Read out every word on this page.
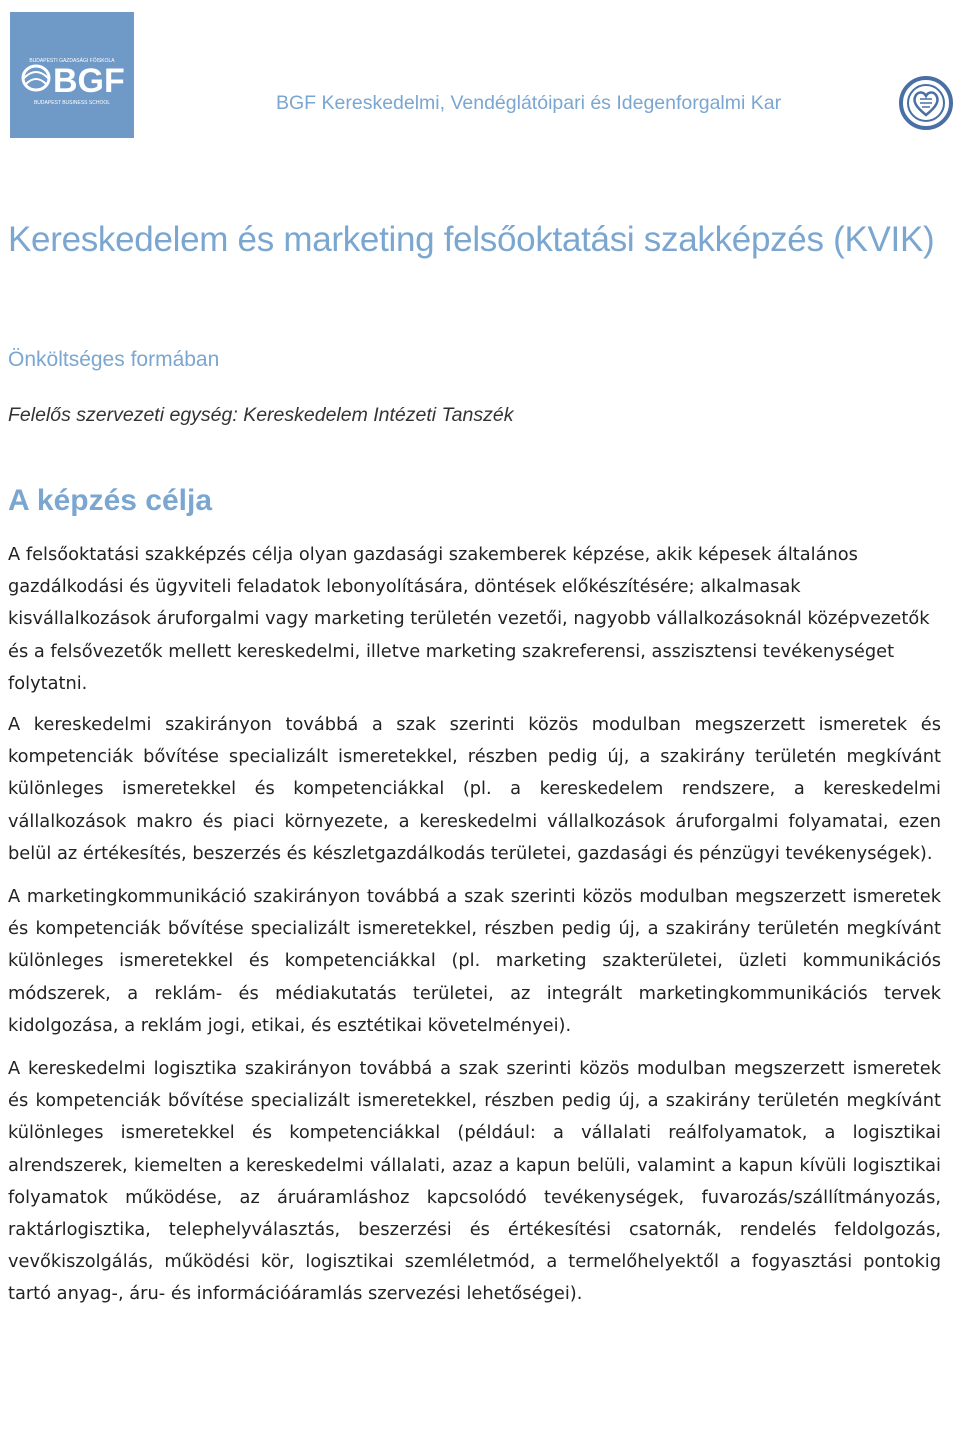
BGF
BUDAPESTI GAZDASÁGI FŐISKOLA
BUDAPEST BUSINESS SCHOOL	BGF Kereskedelmi, Vendéglátóipari és Idegenforgalmi Kar
Kereskedelem és marketing felsőoktatási szakképzés (KVIK)
Önköltséges formában
Felelős szervezeti egység: Kereskedelem Intézeti Tanszék
A képzés célja

A felsőoktatási szakképzés célja olyan gazdasági szakemberek képzése, akik képesek általános gazdálkodási és ügyviteli feladatok lebonyolítására, döntések előkészítésére; alkalmasak kisvállalkozások áruforgalmi vagy marketing területén vezetői, nagyobb vállalkozásoknál középvezetők és a felsővezetők mellett kereskedelmi, illetve marketing szakreferensi, asszisztensi tevékenységet folytatni.

A kereskedelmi szakirányon továbbá a szak szerinti közös modulban megszerzett ismeretek és kompetenciák bővítése specializált ismeretekkel, részben pedig új, a szakirány területén megkívánt különleges ismeretekkel és kompetenciákkal (pl. a kereskedelem rendszere, a kereskedelmi vállalkozások makro és piaci környezete, a kereskedelmi vállalkozások áruforgalmi folyamatai, ezen belül az értékesítés, beszerzés és készletgazdálkodás területei, gazdasági és pénzügyi tevékenységek).

A marketingkommunikáció szakirányon továbbá a szak szerinti közös modulban megszerzett ismeretek és kompetenciák bővítése specializált ismeretekkel, részben pedig új, a szakirány területén megkívánt különleges ismeretekkel és kompetenciákkal (pl. marketing szakterületei, üzleti kommunikációs módszerek, a reklám- és médiakutatás területei, az integrált marketingkommunikációs tervek kidolgozása, a reklám jogi, etikai, és esztétikai követelményei).

A kereskedelmi logisztika szakirányon továbbá a szak szerinti közös modulban megszerzett ismeretek és kompetenciák bővítése specializált ismeretekkel, részben pedig új, a szakirány területén megkívánt különleges ismeretekkel és kompetenciákkal (például: a vállalati reálfolyamatok, a logisztikai alrendszerek, kiemelten a kereskedelmi vállalati, azaz a kapun belüli, valamint a kapun kívüli logisztikai folyamatok működése, az áruáramláshoz kapcsolódó tevékenységek, fuvarozás/szállítmányozás, raktárlogisztika, telephelyválasztás, beszerzési és értékesítési csatornák, rendelés feldolgozás, vevőkiszolgálás, működési kör, logisztikai szemléletmód, a termelőhelyektől a fogyasztási pontokig tartó anyag-, áru- és információáramlás szervezési lehetőségei).
